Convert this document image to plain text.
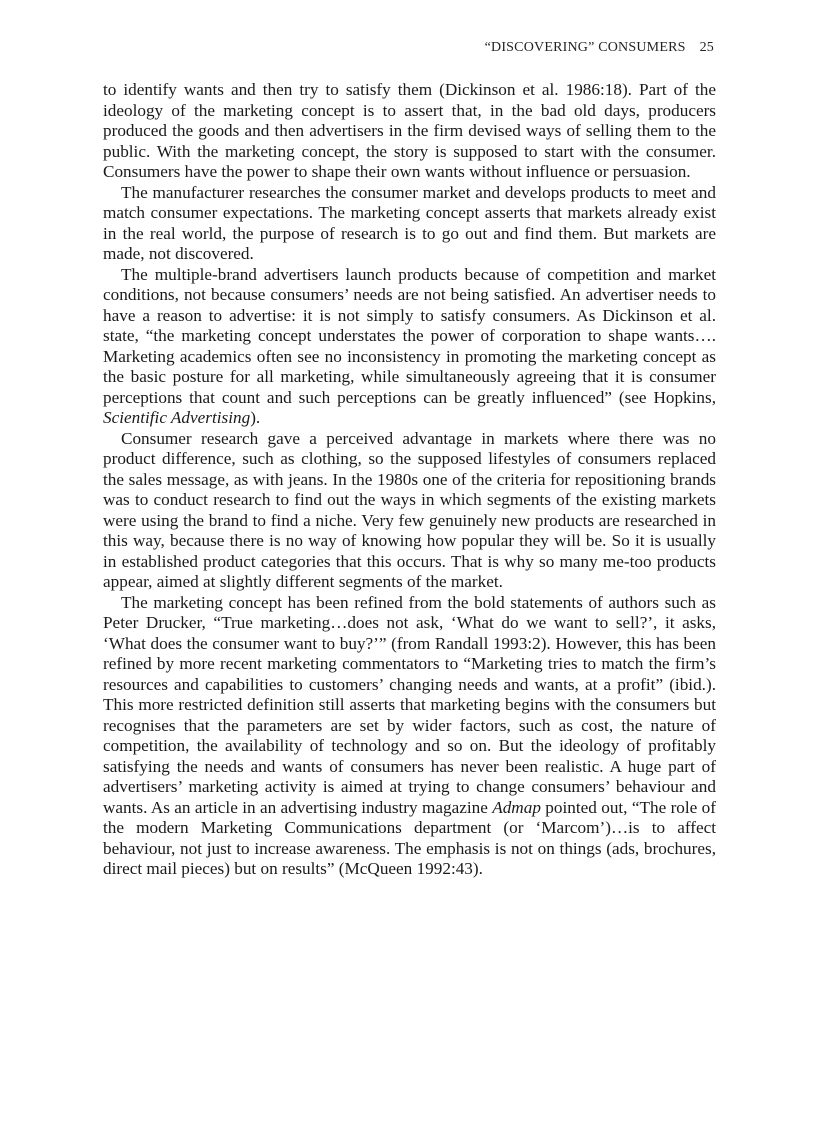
“DISCOVERING” CONSUMERS 25

to identify wants and then try to satisfy them (Dickinson et al. 1986:18). Part of the ideology of the marketing concept is to assert that, in the bad old days, producers produced the goods and then advertisers in the firm devised ways of selling them to the public. With the marketing concept, the story is supposed to start with the consumer. Consumers have the power to shape their own wants without influence or persuasion.

The manufacturer researches the consumer market and develops products to meet and match consumer expectations. The marketing concept asserts that markets already exist in the real world, the purpose of research is to go out and find them. But markets are made, not discovered.

The multiple-brand advertisers launch products because of competition and market conditions, not because consumers’ needs are not being satisfied. An advertiser needs to have a reason to advertise: it is not simply to satisfy consumers. As Dickinson et al. state, “the marketing concept understates the power of corporation to shape wants…. Marketing academics often see no inconsistency in promoting the marketing concept as the basic posture for all marketing, while simultaneously agreeing that it is consumer perceptions that count and such perceptions can be greatly influenced” (see Hopkins, Scientific Advertising).

Consumer research gave a perceived advantage in markets where there was no product difference, such as clothing, so the supposed lifestyles of consumers replaced the sales message, as with jeans. In the 1980s one of the criteria for repositioning brands was to conduct research to find out the ways in which segments of the existing markets were using the brand to find a niche. Very few genuinely new products are researched in this way, because there is no way of knowing how popular they will be. So it is usually in established product categories that this occurs. That is why so many me-too products appear, aimed at slightly different segments of the market.

The marketing concept has been refined from the bold statements of authors such as Peter Drucker, “True marketing…does not ask, ‘What do we want to sell?’, it asks, ‘What does the consumer want to buy?’” (from Randall 1993:2). However, this has been refined by more recent marketing commentators to “Marketing tries to match the firm’s resources and capabilities to customers’ changing needs and wants, at a profit” (ibid.). This more restricted definition still asserts that marketing begins with the consumers but recognises that the parameters are set by wider factors, such as cost, the nature of competition, the availability of technology and so on. But the ideology of profitably satisfying the needs and wants of consumers has never been realistic. A huge part of advertisers’ marketing activity is aimed at trying to change consumers’ behaviour and wants. As an article in an advertising industry magazine Admap pointed out, “The role of the modern Marketing Communications department (or ‘Marcom’)…is to affect behaviour, not just to increase awareness. The emphasis is not on things (ads, brochures, direct mail pieces) but on results” (McQueen 1992:43).
